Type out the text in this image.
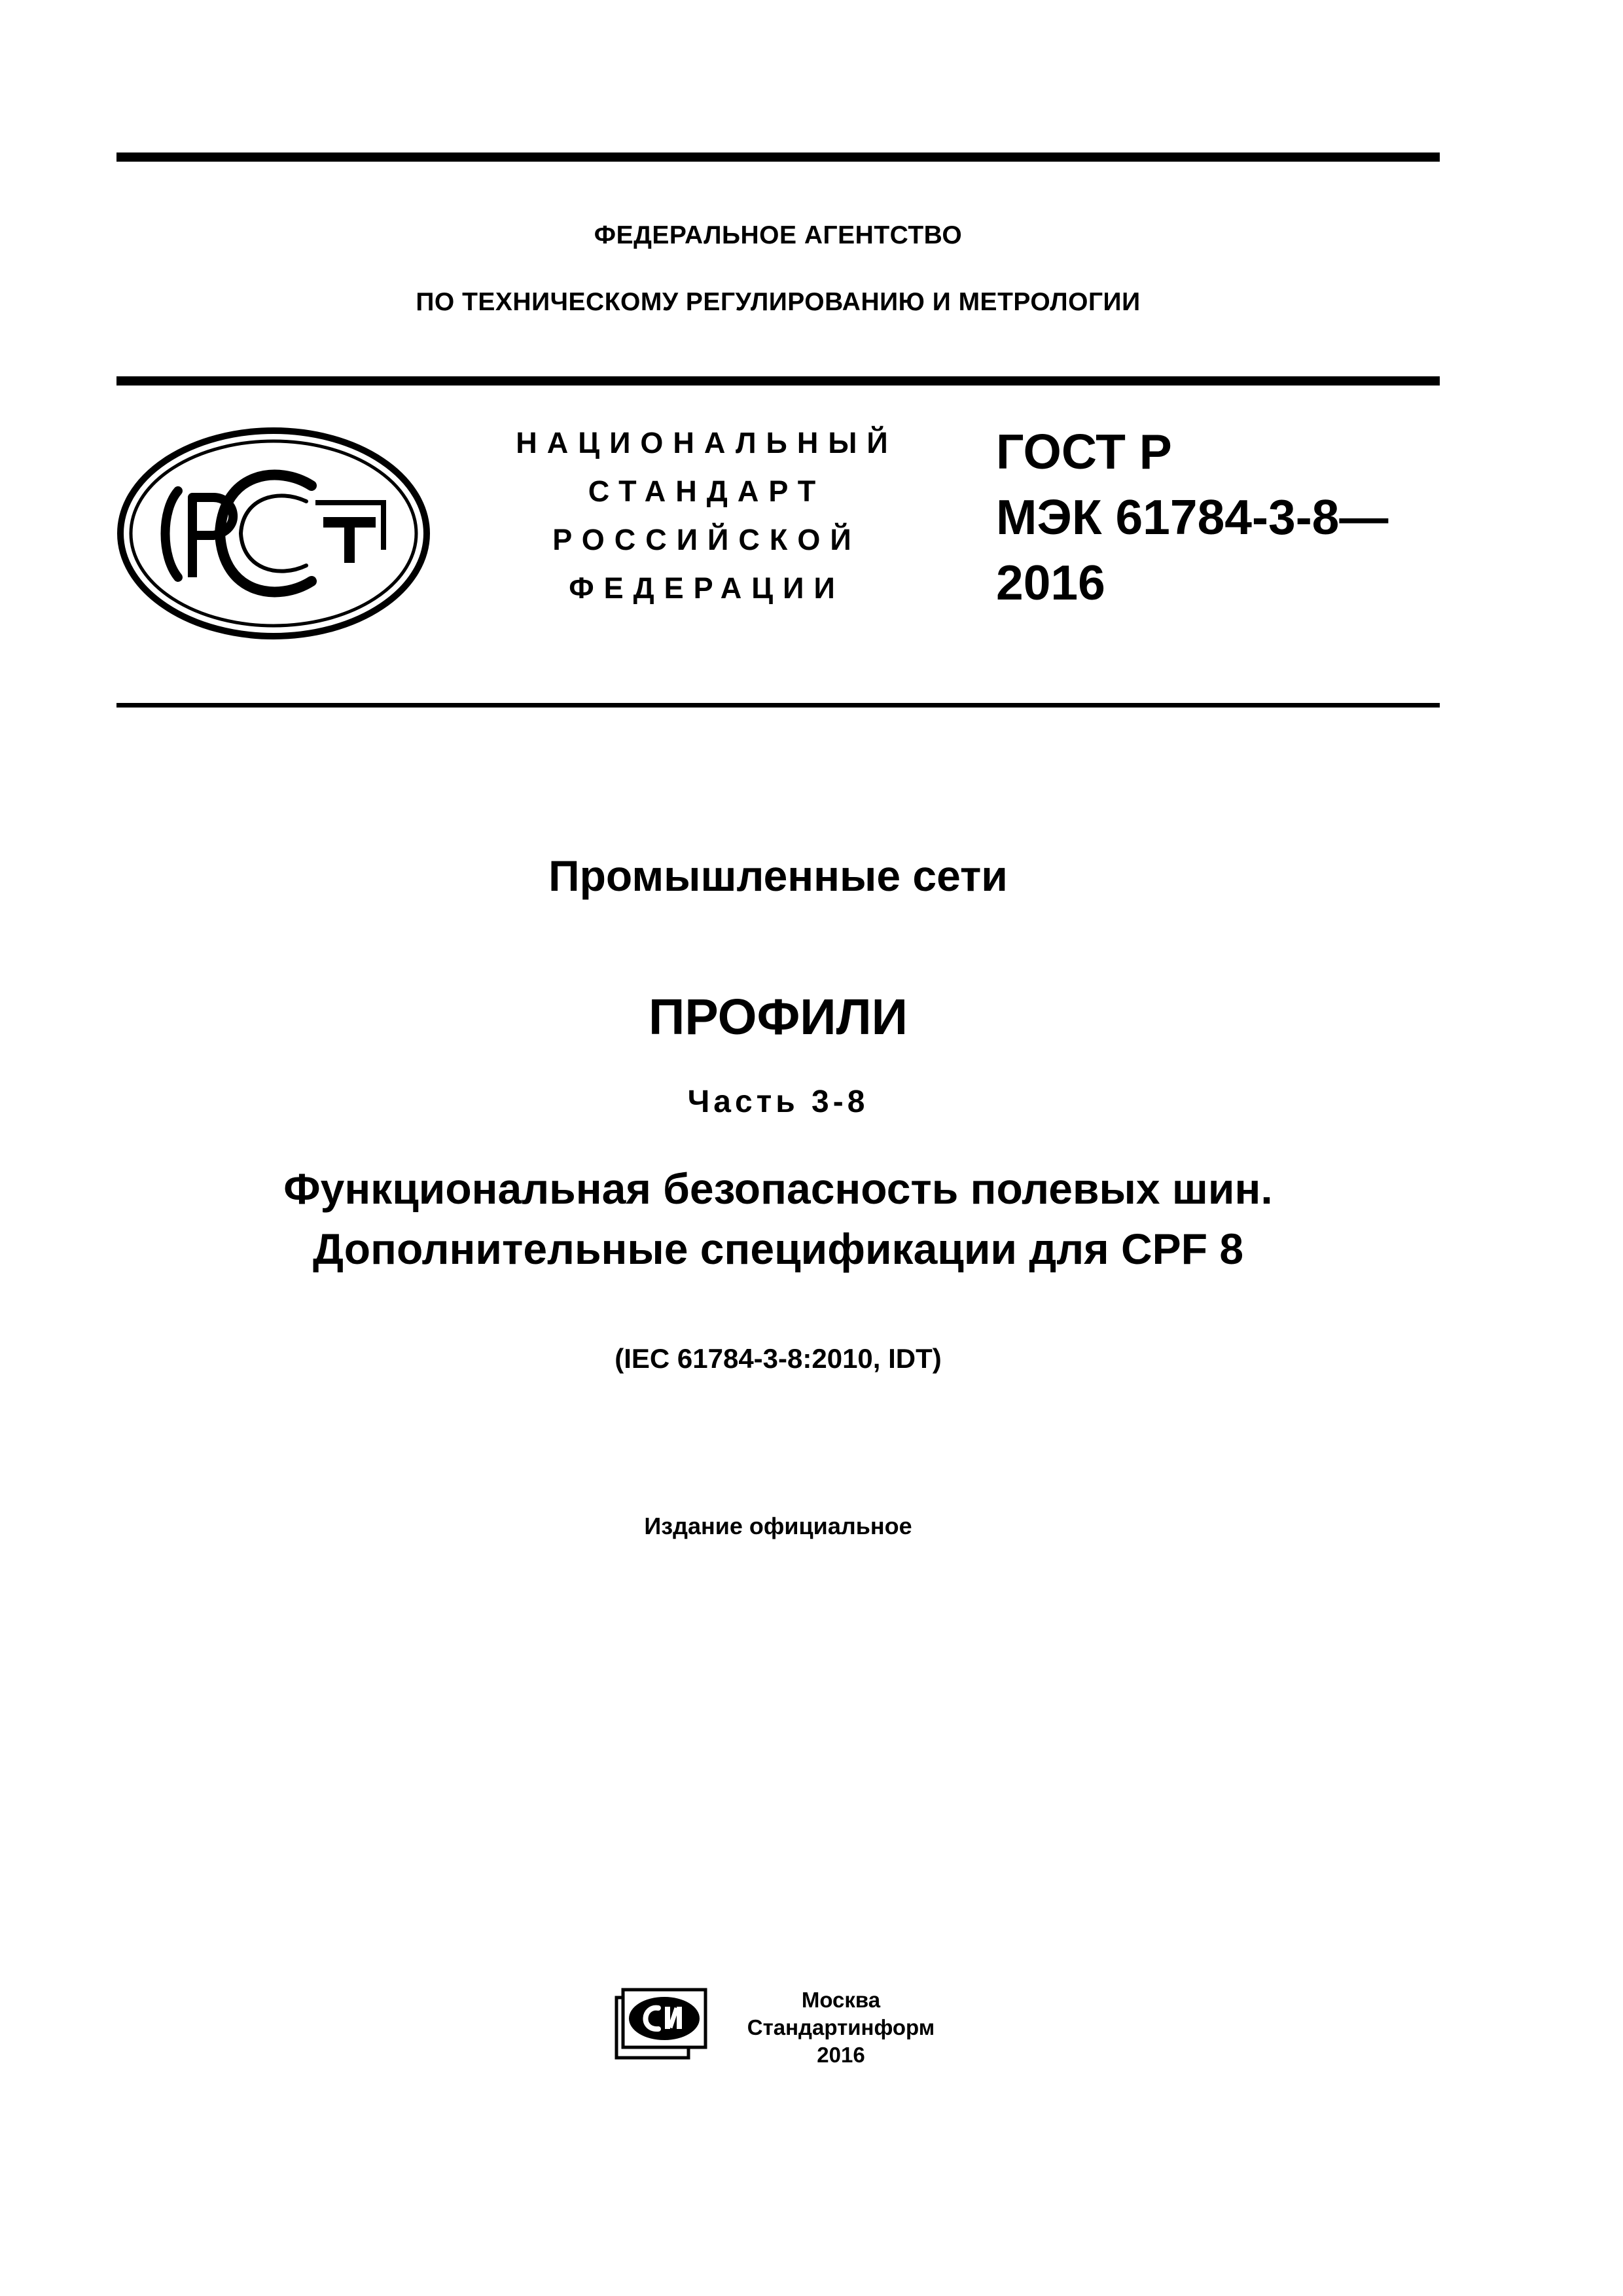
ФЕДЕРАЛЬНОЕ АГЕНТСТВО
ПО ТЕХНИЧЕСКОМУ РЕГУЛИРОВАНИЮ И МЕТРОЛОГИИ
НАЦИОНАЛЬНЫЙ
СТАНДАРТ
РОССИЙСКОЙ
ФЕДЕРАЦИИ
ГОСТ Р
МЭК 61784-3-8—
2016
Промышленные сети
ПРОФИЛИ
Часть 3-8
Функциональная безопасность полевых шин.
Дополнительные спецификации для CPF 8
(IEC 61784-3-8:2010, IDT)
Издание официальное
Москва
Стандартинформ
2016
